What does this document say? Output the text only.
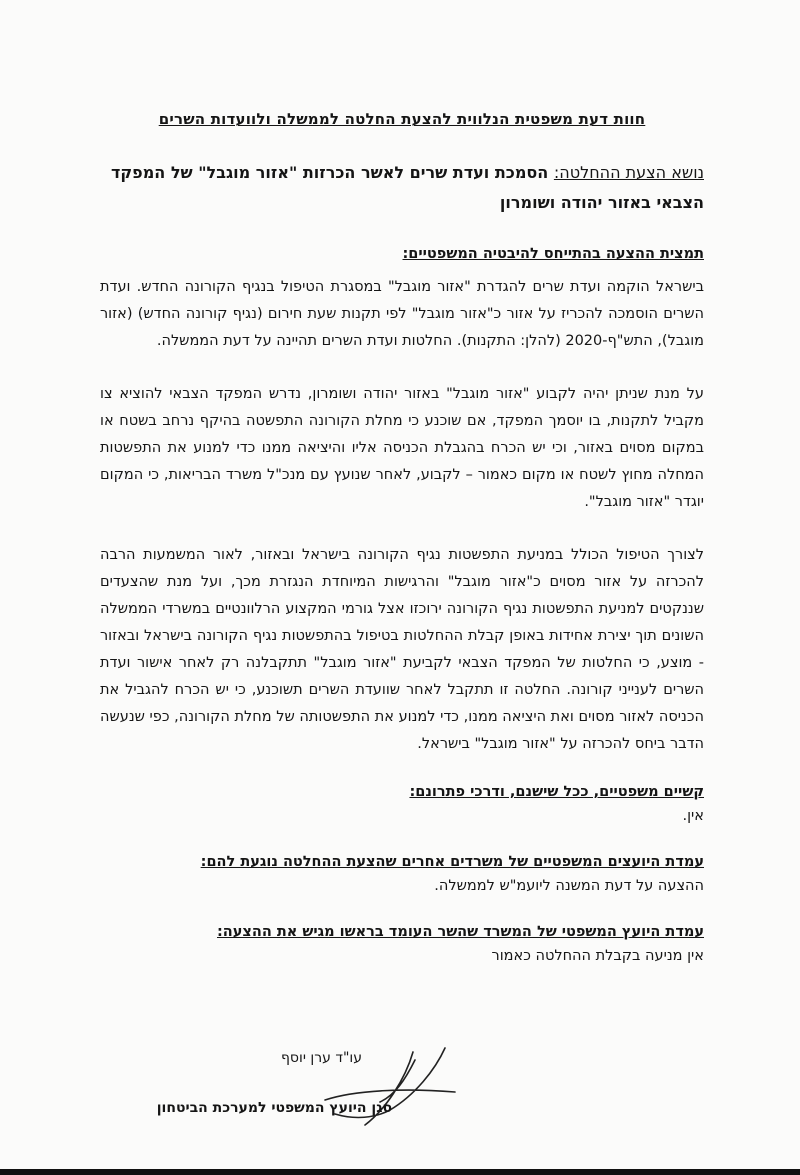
חוות דעת משפטית הנלווית להצעת החלטה לממשלה ולוועדות השרים
נושא הצעת ההחלטה: הסמכת ועדת שרים לאשר הכרזות "אזור מוגבל" של המפקד הצבאי באזור יהודה ושומרון
תמצית ההצעה בהתייחס להיבטיה המשפטיים:

בישראל הוקמה ועדת שרים להגדרת "אזור מוגבל" במסגרת הטיפול בנגיף הקורונה החדש. ועדת השרים הוסמכה להכריז על אזור כ"אזור מוגבל" לפי תקנות שעת חירום (נגיף קורונה החדש) (אזור מוגבל), התש"ף-2020 (להלן: התקנות). החלטות ועדת השרים תהיינה על דעת הממשלה.

על מנת שניתן יהיה לקבוע "אזור מוגבל" באזור יהודה ושומרון, נדרש המפקד הצבאי להוציא צו מקביל לתקנות, בו יוסמך המפקד, אם שוכנע כי מחלת הקורונה התפשטה בהיקף נרחב בשטח או במקום מסוים באזור, וכי יש הכרח בהגבלת הכניסה אליו והיציאה ממנו כדי למנוע את התפשטות המחלה מחוץ לשטח או מקום כאמור – לקבוע, לאחר שנועץ עם מנכ"ל משרד הבריאות, כי המקום יוגדר "אזור מוגבל".

לצורך הטיפול הכולל במניעת התפשטות נגיף הקורונה בישראל ובאזור, לאור המשמעות הרבה להכרזה על אזור מסוים כ"אזור מוגבל" והרגישות המיוחדת הנגזרת מכך, ועל מנת שהצעדים שננקטים למניעת התפשטות נגיף הקורונה ירוכזו אצל גורמי המקצוע הרלוונטיים במשרדי הממשלה השונים תוך יצירת אחידות באופן קבלת ההחלטות בטיפול בהתפשטות נגיף הקורונה בישראל ובאזור - מוצע, כי החלטות של המפקד הצבאי לקביעת "אזור מוגבל" תתקבלנה רק לאחר אישור ועדת השרים לענייני קורונה. החלטה זו תתקבל לאחר שוועדת השרים תשוכנע, כי יש הכרח להגביל את הכניסה לאזור מסוים ואת היציאה ממנו, כדי למנוע את התפשטותה של מחלת הקורונה, כפי שנעשה הדבר ביחס להכרזה על "אזור מוגבל" בישראל.

קשיים משפטיים, ככל שישנם, ודרכי פתרונם:
אין.
עמדת היועצים המשפטיים של משרדים אחרים שהצעת ההחלטה נוגעת להם:
ההצעה על דעת המשנה ליועמ"ש לממשלה.
עמדת היועץ המשפטי של המשרד שהשר העומד בראשו מגיש את ההצעה:
אין מניעה בקבלת ההחלטה כאמור
עו"ד ערן יוסף
סגן היועץ המשפטי למערכת הביטחון
